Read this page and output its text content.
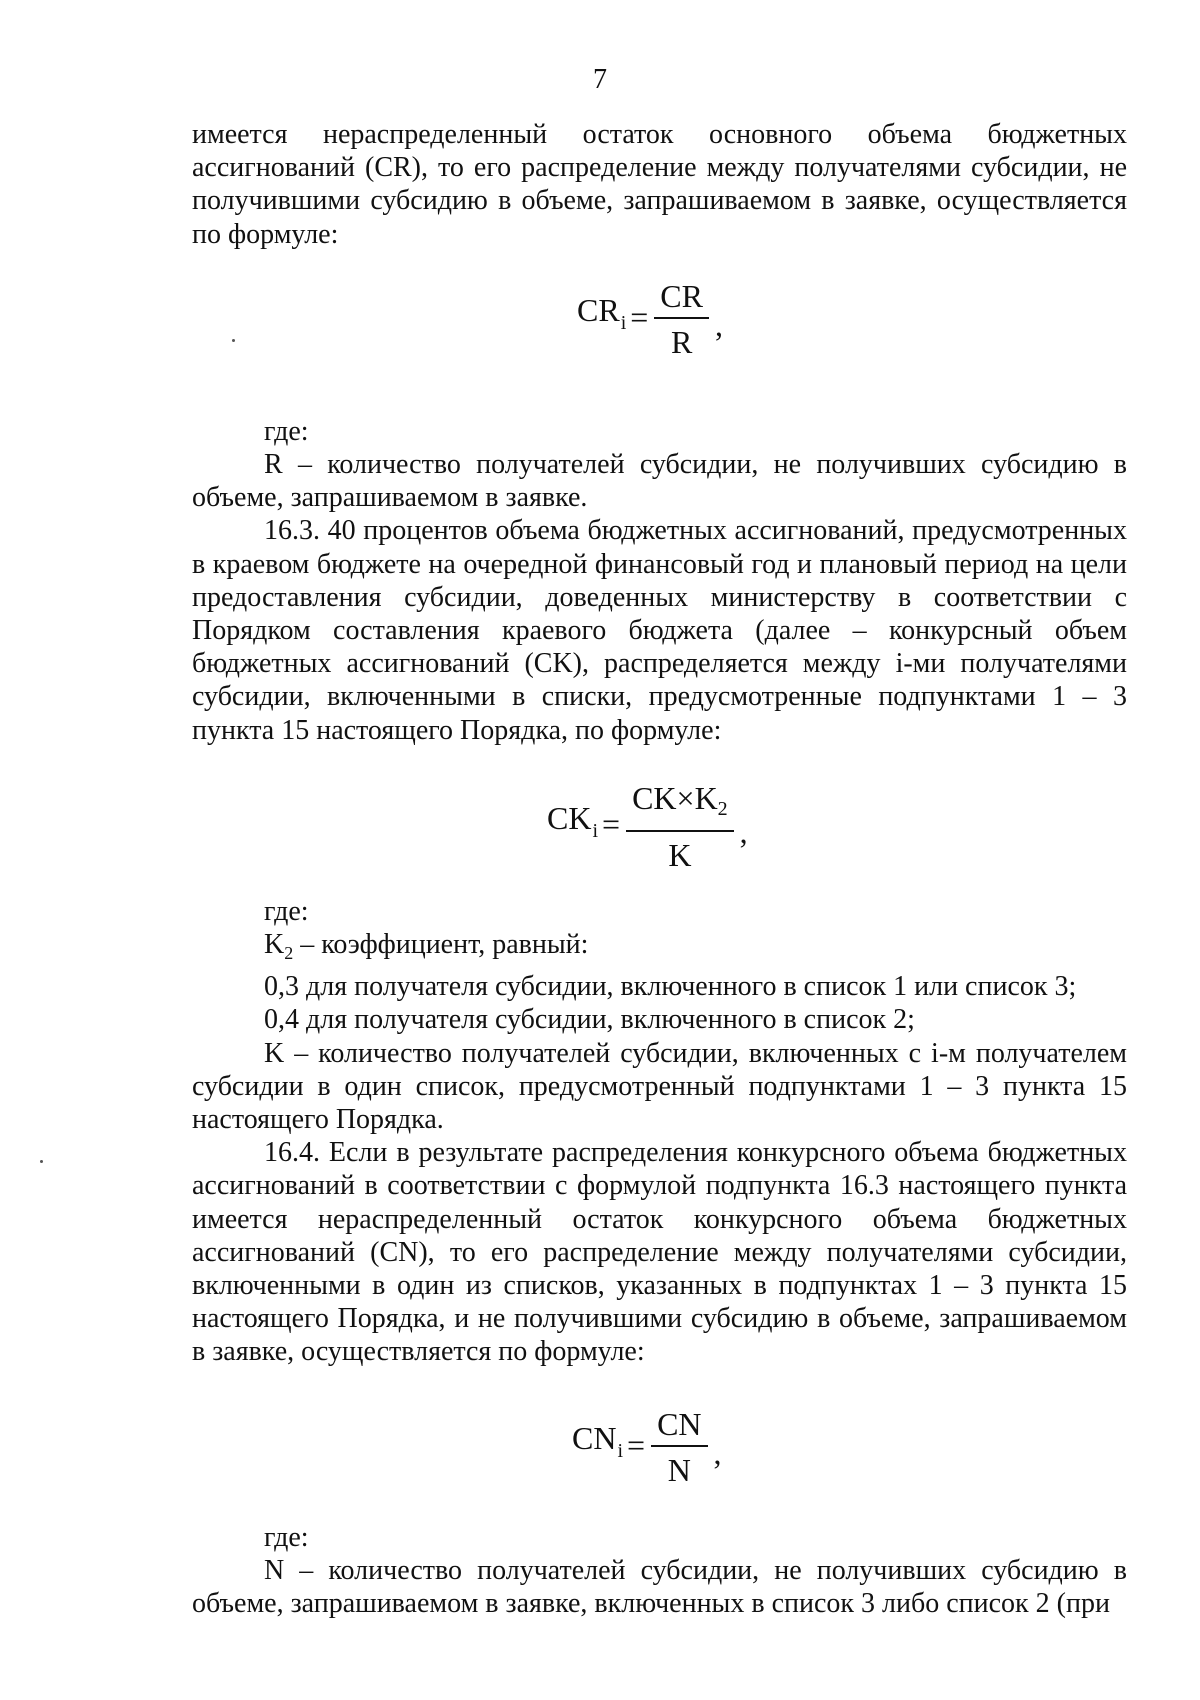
7

имеется нераспределенный остаток основного объема бюджетных ассигнований (CR), то его распределение между получателями субсидии, не получившими субсидию в объеме, запрашиваемом в заявке, осуществляется по формуле:

$CR_i = \frac{CR}{R}$ ,

где:

R – количество получателей субсидии, не получивших субсидию в объеме, запрашиваемом в заявке.

16.3. 40 процентов объема бюджетных ассигнований, предусмотренных в краевом бюджете на очередной финансовый год и плановый период на цели предоставления субсидии, доведенных министерству в соответствии с Порядком составления краевого бюджета (далее – конкурсный объем бюджетных ассигнований (CK), распределяется между i-ми получателями субсидии, включенными в списки, предусмотренные подпунктами 1 – 3 пункта 15 настоящего Порядка, по формуле:

$CK_i = \frac{CK\times K_2}{K}$ ,

где:

$K_2$ – коэффициент, равный:

0,3 для получателя субсидии, включенного в список 1 или список 3;

0,4 для получателя субсидии, включенного в список 2;

K – количество получателей субсидии, включенных с i-м получателем субсидии в один список, предусмотренный подпунктами 1 – 3 пункта 15 настоящего Порядка.

16.4. Если в результате распределения конкурсного объема бюджетных ассигнований в соответствии с формулой подпункта 16.3 настоящего пункта имеется нераспределенный остаток конкурсного объема бюджетных ассигнований (CN), то его распределение между получателями субсидии, включенными в один из списков, указанных в подпунктах 1 – 3 пункта 15 настоящего Порядка, и не получившими субсидию в объеме, запрашиваемом в заявке, осуществляется по формуле:

$CN_i = \frac{CN}{N}$ ,

где:

N – количество получателей субсидии, не получивших субсидию в объеме, запрашиваемом в заявке, включенных в список 3 либо список 2 (при
